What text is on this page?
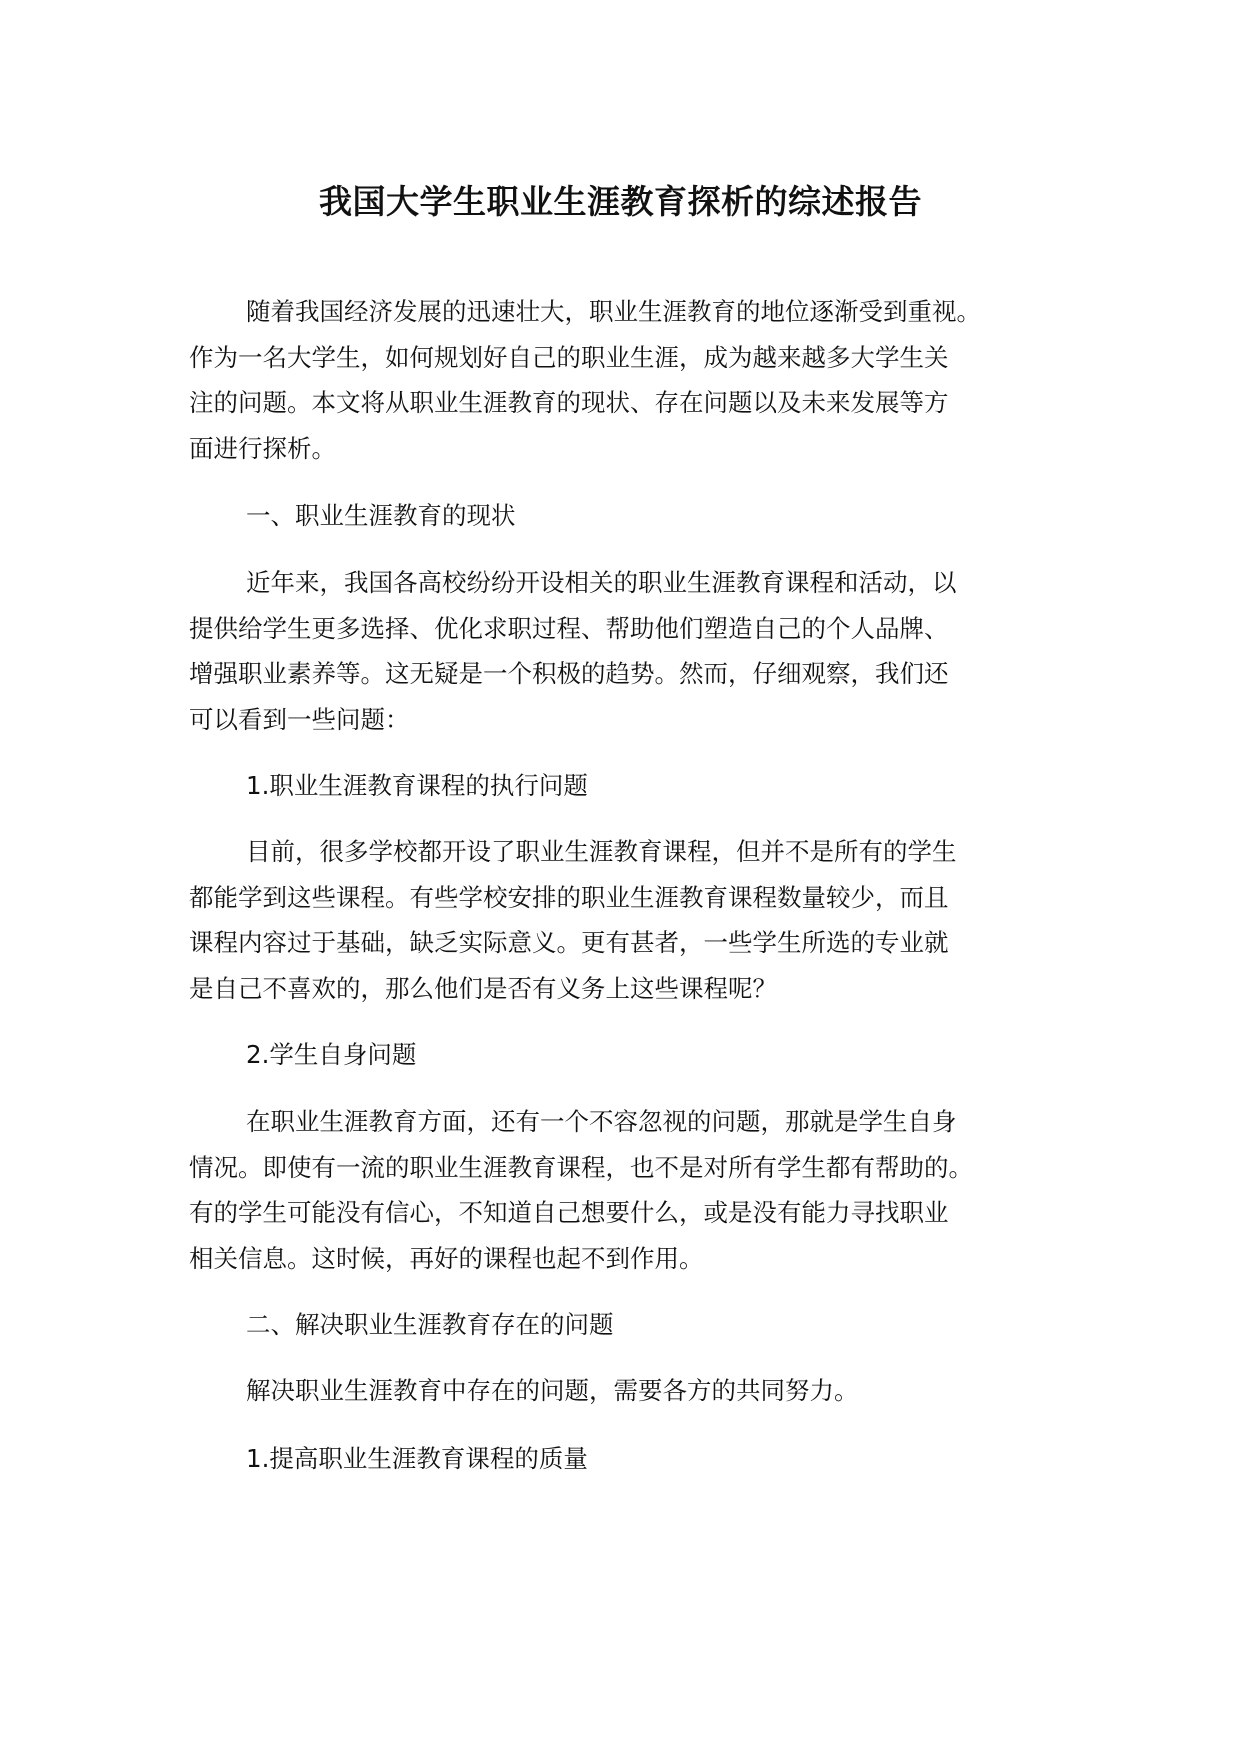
我国大学生职业生涯教育探析的综述报告

随着我国经济发展的迅速壮大，职业生涯教育的地位逐渐受到重视。
作为一名大学生，如何规划好自己的职业生涯，成为越来越多大学生关
注的问题。本文将从职业生涯教育的现状、存在问题以及未来发展等方
面进行探析。

一、职业生涯教育的现状

近年来，我国各高校纷纷开设相关的职业生涯教育课程和活动，以
提供给学生更多选择、优化求职过程、帮助他们塑造自己的个人品牌、
增强职业素养等。这无疑是一个积极的趋势。然而，仔细观察，我们还
可以看到一些问题：

1.职业生涯教育课程的执行问题

目前，很多学校都开设了职业生涯教育课程，但并不是所有的学生
都能学到这些课程。有些学校安排的职业生涯教育课程数量较少，而且
课程内容过于基础，缺乏实际意义。更有甚者，一些学生所选的专业就
是自己不喜欢的，那么他们是否有义务上这些课程呢？

2.学生自身问题

在职业生涯教育方面，还有一个不容忽视的问题，那就是学生自身
情况。即使有一流的职业生涯教育课程，也不是对所有学生都有帮助的。
有的学生可能没有信心，不知道自己想要什么，或是没有能力寻找职业
相关信息。这时候，再好的课程也起不到作用。

二、解决职业生涯教育存在的问题

解决职业生涯教育中存在的问题，需要各方的共同努力。

1.提高职业生涯教育课程的质量
